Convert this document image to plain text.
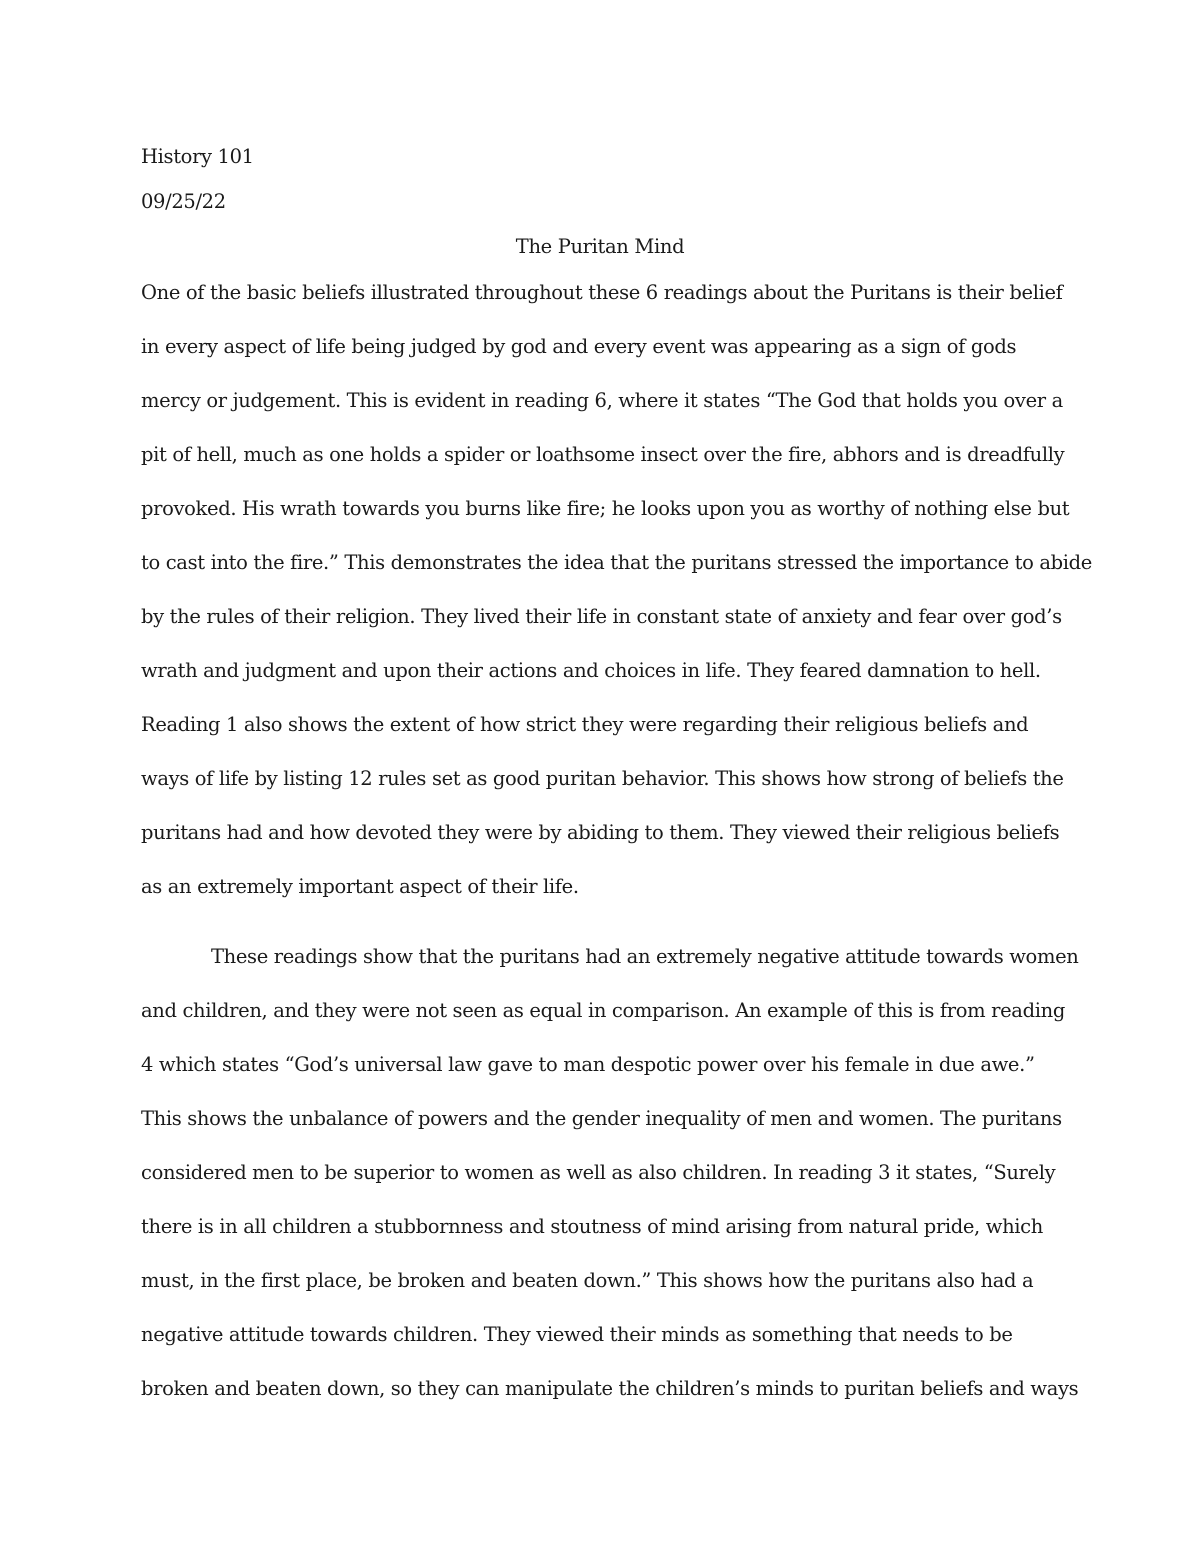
History 101
09/25/22
The Puritan Mind
One of the basic beliefs illustrated throughout these 6 readings about the Puritans is their belief
in every aspect of life being judged by god and every event was appearing as a sign of gods
mercy or judgement. This is evident in reading 6, where it states “The God that holds you over a
pit of hell, much as one holds a spider or loathsome insect over the fire, abhors and is dreadfully
provoked. His wrath towards you burns like fire; he looks upon you as worthy of nothing else but
to cast into the fire.” This demonstrates the idea that the puritans stressed the importance to abide
by the rules of their religion. They lived their life in constant state of anxiety and fear over god’s
wrath and judgment and upon their actions and choices in life. They feared damnation to hell.
Reading 1 also shows the extent of how strict they were regarding their religious beliefs and
ways of life by listing 12 rules set as good puritan behavior. This shows how strong of beliefs the
puritans had and how devoted they were by abiding to them. They viewed their religious beliefs
as an extremely important aspect of their life.
These readings show that the puritans had an extremely negative attitude towards women
and children, and they were not seen as equal in comparison. An example of this is from reading
4 which states “God’s universal law gave to man despotic power over his female in due awe.”
This shows the unbalance of powers and the gender inequality of men and women. The puritans
considered men to be superior to women as well as also children. In reading 3 it states, “Surely
there is in all children a stubbornness and stoutness of mind arising from natural pride, which
must, in the first place, be broken and beaten down.” This shows how the puritans also had a
negative attitude towards children. They viewed their minds as something that needs to be
broken and beaten down, so they can manipulate the children’s minds to puritan beliefs and ways
